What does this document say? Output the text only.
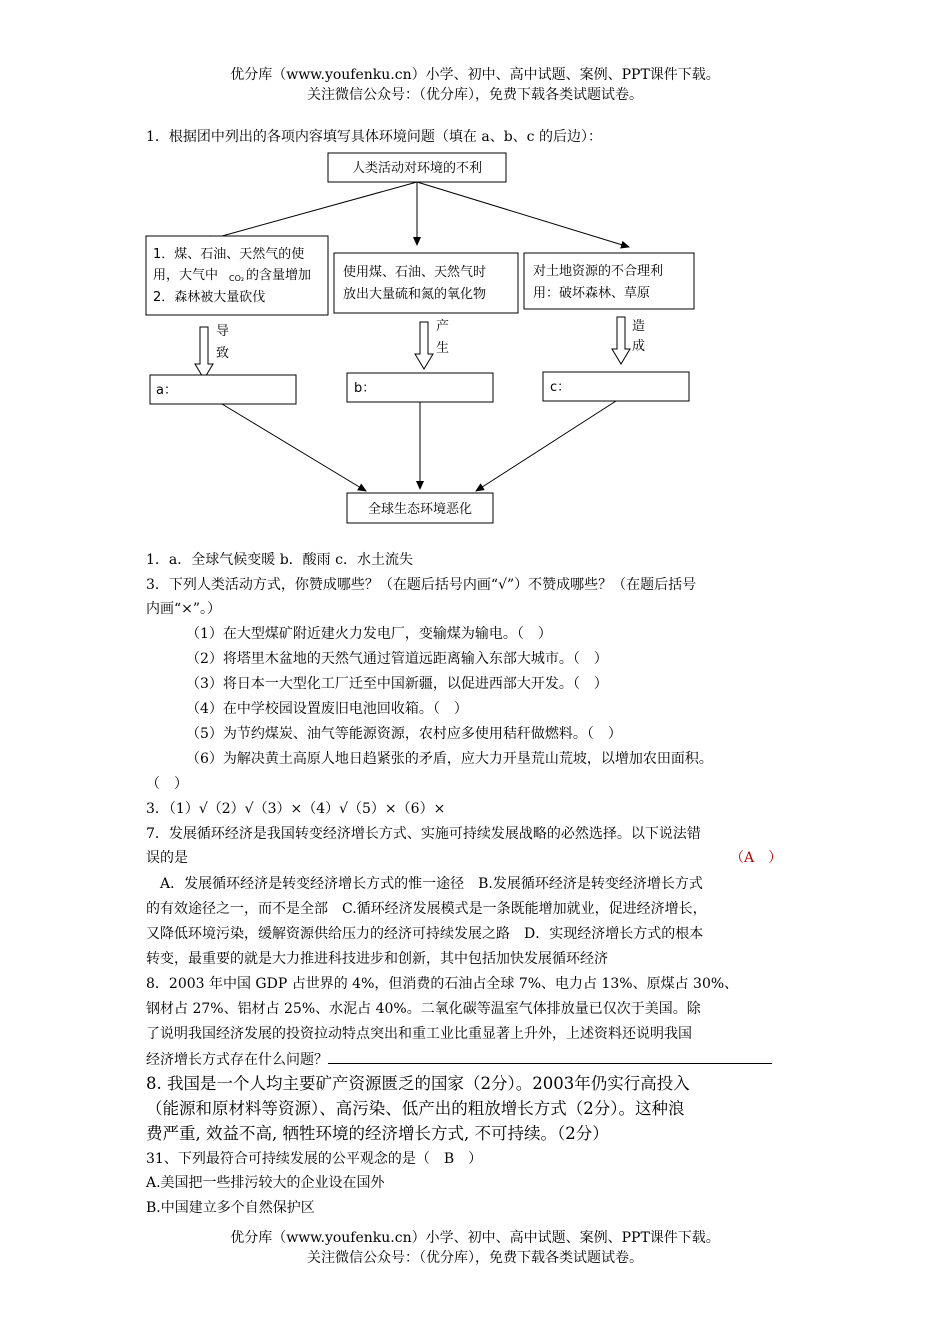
优分库（www.youfenku.cn）小学、初中、高中试题、案例、PPT课件下载。
关注微信公众号：（优分库），免费下载各类试题试卷。
1．根据团中列出的各项内容填写具体环境问题（填在 a、b、c 的后边）：
人类活动对环境的不利
1．煤、石油、天然气的使
用，大气中 CO₂ 的含量增加
2．森林被大量砍伐
使用煤、石油、天然气时
放出大量硫和氮的氧化物
对土地资源的不合理利
用：破坏森林、草原
导
致
产
生
造
成
a：	b：	c：
全球生态环境恶化
1．a．全球气候变暖 b．酸雨 c．水土流失
3．下列人类活动方式，你赞成哪些？（在题后括号内画“√”）不赞成哪些？（在题后括号
内画“×”。）
（1）在大型煤矿附近建火力发电厂，变输煤为输电。（　）
（2）将塔里木盆地的天然气通过管道远距离输入东部大城市。（　）
（3）将日本一大型化工厂迁至中国新疆，以促进西部大开发。（　）
（4）在中学校园设置废旧电池回收箱。（　）
（5）为节约煤炭、油气等能源资源，农村应多使用秸秆做燃料。（　）
（6）为解决黄土高原人地日趋紧张的矛盾，应大力开垦荒山荒坡，以增加农田面积。
（　）
3．（1）√（2）√（3）×（4）√（5）×（6）×
7．发展循环经济是我国转变经济增长方式、实施可持续发展战略的必然选择。以下说法错
误的是	（A　）
　A．发展循环经济是转变经济增长方式的惟一途径　B.发展循环经济是转变经济增长方式
的有效途径之一，而不是全部　C.循环经济发展模式是一条既能增加就业，促进经济增长，
又降低环境污染，缓解资源供给压力的经济可持续发展之路　D．实现经济增长方式的根本
转变，最重要的就是大力推进科技进步和创新，其中包括加快发展循环经济
8．2003 年中国 GDP 占世界的 4%，但消费的石油占全球 7%、电力占 13%、原煤占 30%、
钢材占 27%、铝材占 25%、水泥占 40%。二氧化碳等温室气体排放量已仅次于美国。除
了说明我国经济发展的投资拉动特点突出和重工业比重显著上升外，上述资料还说明我国
经济增长方式存在什么问题？
8. 我国是一个人均主要矿产资源匮乏的国家（2分）。2003年仍实行高投入
（能源和原材料等资源）、高污染、低产出的粗放增长方式（2分）。这种浪
费严重, 效益不高, 牺牲环境的经济增长方式, 不可持续。（2分）
31、下列最符合可持续发展的公平观念的是（　B　）
A.美国把一些排污较大的企业设在国外
B.中国建立多个自然保护区
优分库（www.youfenku.cn）小学、初中、高中试题、案例、PPT课件下载。
关注微信公众号：（优分库），免费下载各类试题试卷。
